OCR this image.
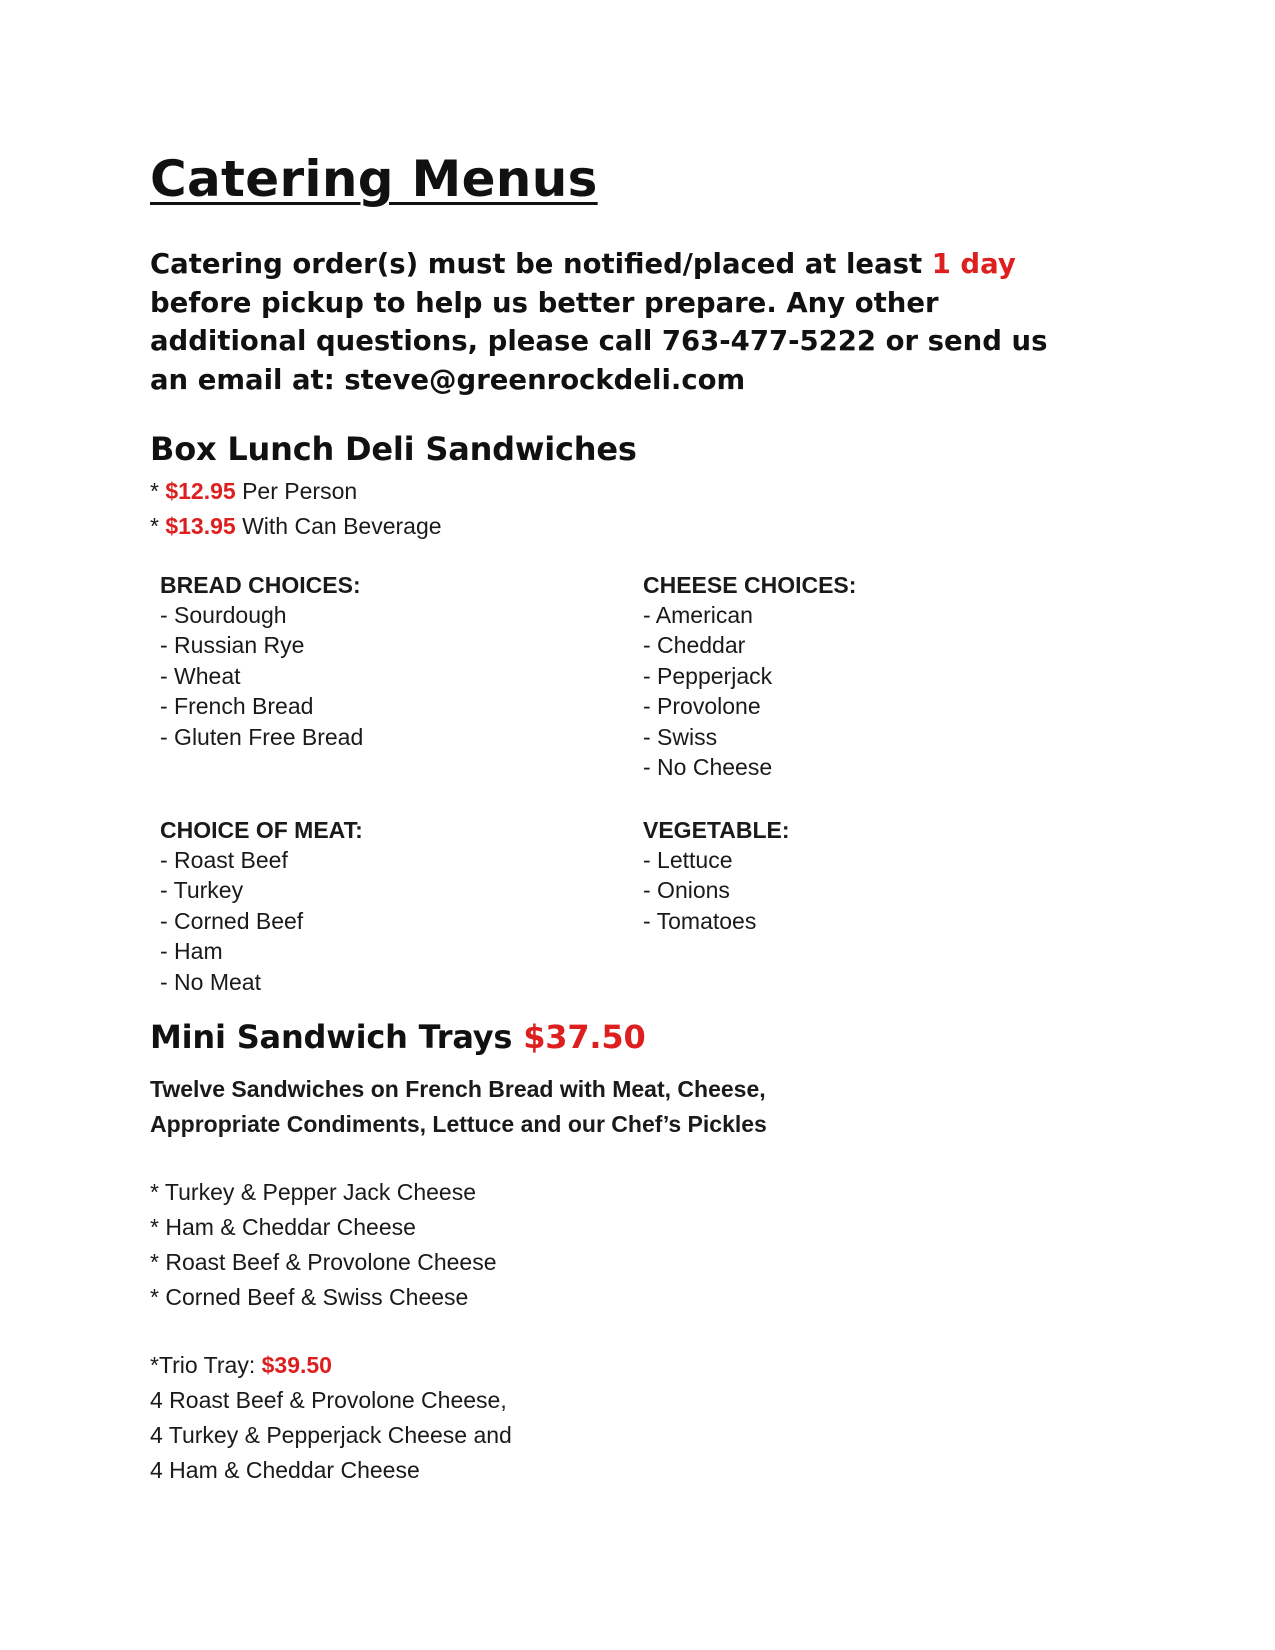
Catering Menus

Catering order(s) must be notified/placed at least 1 day before pickup to help us better prepare. Any other additional questions, please call 763-477-5222 or send us an email at: steve@greenrockdeli.com

Box Lunch Deli Sandwiches

* $12.95 Per Person

* $13.95 With Can Beverage

BREAD CHOICES:

- Sourdough
- Russian Rye
- Wheat
- French Bread
- Gluten Free Bread

CHEESE CHOICES:

- American
- Cheddar
- Pepperjack
- Provolone
- Swiss
- No Cheese

CHOICE OF MEAT:

- Roast Beef
- Turkey
- Corned Beef
- Ham
- No Meat

VEGETABLE:

- Lettuce
- Onions
- Tomatoes
Mini Sandwich Trays $37.50

Twelve Sandwiches on French Bread with Meat, Cheese,
Appropriate Condiments, Lettuce and our Chef’s Pickles

* Turkey & Pepper Jack Cheese
* Ham & Cheddar Cheese
* Roast Beef & Provolone Cheese
* Corned Beef & Swiss Cheese
*Trio Tray: $39.50
4 Roast Beef & Provolone Cheese,
4 Turkey & Pepperjack Cheese and
4 Ham & Cheddar Cheese
